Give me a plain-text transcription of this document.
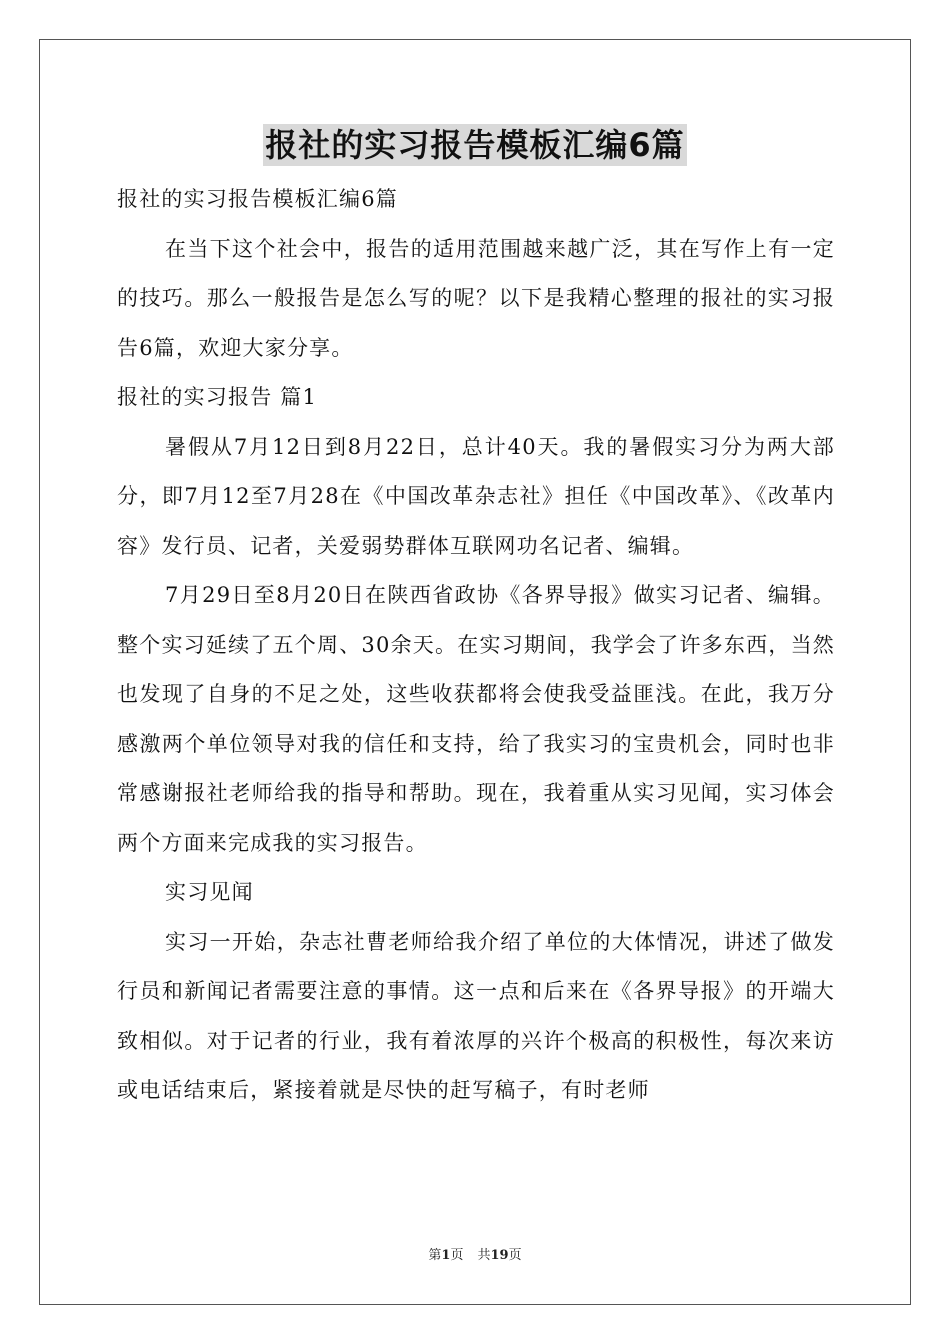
报社的实习报告模板汇编6篇

报社的实习报告模板汇编6篇

在当下这个社会中，报告的适用范围越来越广泛，其在写作上有一定的技巧。那么一般报告是怎么写的呢？以下是我精心整理的报社的实习报告6篇，欢迎大家分享。

报社的实习报告 篇1

暑假从7月12日到8月22日，总计40天。我的暑假实习分为两大部分，即7月12至7月28在《中国改革杂志社》担任《中国改革》、《改革内容》发行员、记者，关爱弱势群体互联网功名记者、编辑。

7月29日至8月20日在陕西省政协《各界导报》做实习记者、编辑。整个实习延续了五个周、30余天。在实习期间，我学会了许多东西，当然也发现了自身的不足之处，这些收获都将会使我受益匪浅。在此，我万分感激两个单位领导对我的信任和支持，给了我实习的宝贵机会，同时也非常感谢报社老师给我的指导和帮助。现在，我着重从实习见闻，实习体会两个方面来完成我的实习报告。

实习见闻

实习一开始，杂志社曹老师给我介绍了单位的大体情况，讲述了做发行员和新闻记者需要注意的事情。这一点和后来在《各界导报》的开端大致相似。对于记者的行业，我有着浓厚的兴许个极高的积极性，每次来访或电话结束后，紧接着就是尽快的赶写稿子，有时老师

第1页 共19页
